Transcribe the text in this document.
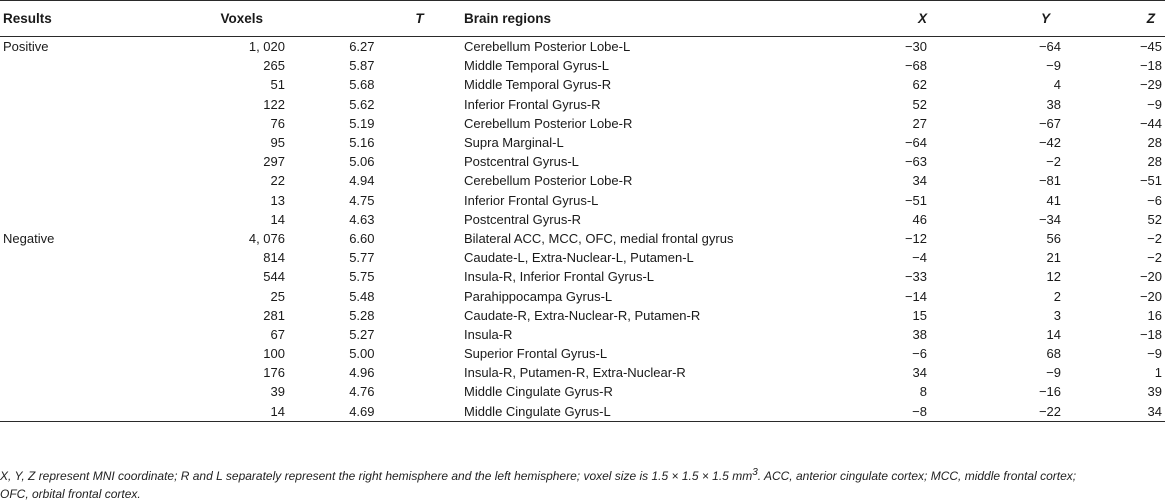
Results	Voxels	T		Brain regions	X	Y	Z
Positive	1, 020	6.27		Cerebellum Posterior Lobe-L	−30	−64	−45
	265	5.87		Middle Temporal Gyrus-L	−68	−9	−18
	51	5.68		Middle Temporal Gyrus-R	62	4	−29
	122	5.62		Inferior Frontal Gyrus-R	52	38	−9
	76	5.19		Cerebellum Posterior Lobe-R	27	−67	−44
	95	5.16		Supra Marginal-L	−64	−42	28
	297	5.06		Postcentral Gyrus-L	−63	−2	28
	22	4.94		Cerebellum Posterior Lobe-R	34	−81	−51
	13	4.75		Inferior Frontal Gyrus-L	−51	41	−6
	14	4.63		Postcentral Gyrus-R	46	−34	52
Negative	4, 076	6.60		Bilateral ACC, MCC, OFC, medial frontal gyrus	−12	56	−2
	814	5.77		Caudate-L, Extra-Nuclear-L, Putamen-L	−4	21	−2
	544	5.75		Insula-R, Inferior Frontal Gyrus-L	−33	12	−20
	25	5.48		Parahippocampa Gyrus-L	−14	2	−20
	281	5.28		Caudate-R, Extra-Nuclear-R, Putamen-R	15	3	16
	67	5.27		Insula-R	38	14	−18
	100	5.00		Superior Frontal Gyrus-L	−6	68	−9
	176	4.96		Insula-R, Putamen-R, Extra-Nuclear-R	34	−9	1
	39	4.76		Middle Cingulate Gyrus-R	8	−16	39
	14	4.69		Middle Cingulate Gyrus-L	−8	−22	34
X, Y, Z represent MNI coordinate; R and L separately represent the right hemisphere and the left hemisphere; voxel size is 1.5 × 1.5 × 1.5 $mm^3$. ACC, anterior cingulate cortex; MCC, middle frontal cortex; OFC, orbital frontal cortex.
